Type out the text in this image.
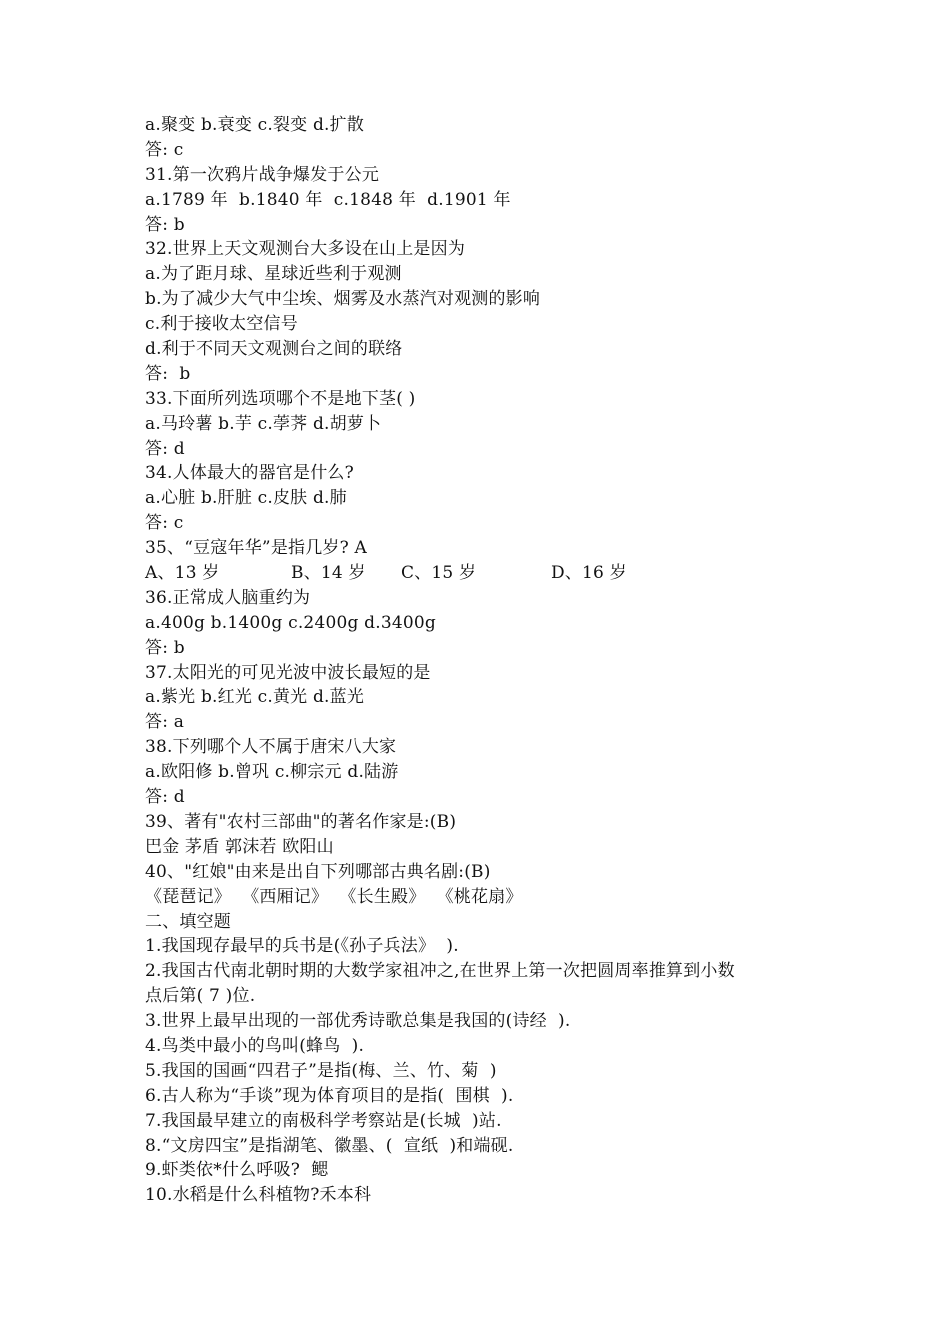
a.聚变 b.衰变 c.裂变 d.扩散
答: c
31.第一次鸦片战争爆发于公元
a.1789 年  b.1840 年  c.1848 年  d.1901 年
答: b
32.世界上天文观测台大多设在山上是因为
a.为了距月球、星球近些利于观测
b.为了减少大气中尘埃、烟雾及水蒸汽对观测的影响
c.利于接收太空信号
d.利于不同天文观测台之间的联络
答:  b
33.下面所列选项哪个不是地下茎( )
a.马玲薯 b.芋 c.荸荠 d.胡萝卜
答: d
34.人体最大的器官是什么?
a.心脏 b.肝脏 c.皮肤 d.肺
答: c
35、“豆寇年华”是指几岁? A
A、13 岁	B、14 岁	C、15 岁	D、16 岁
36.正常成人脑重约为
a.400g b.1400g c.2400g d.3400g
答: b
37.太阳光的可见光波中波长最短的是
a.紫光 b.红光 c.黄光 d.蓝光
答: a
38.下列哪个人不属于唐宋八大家
a.欧阳修 b.曾巩 c.柳宗元 d.陆游
答: d
39、著有"农村三部曲"的著名作家是:(B)
巴金 茅盾 郭沫若 欧阳山
40、"红娘"由来是出自下列哪部古典名剧:(B)
《琵琶记》  《西厢记》  《长生殿》  《桃花扇》
二、填空题
1.我国现存最早的兵书是(《孙子兵法》  ).
2.我国古代南北朝时期的大数学家祖冲之,在世界上第一次把圆周率推算到小数
点后第( 7 )位.
3.世界上最早出现的一部优秀诗歌总集是我国的(诗经  ).
4.鸟类中最小的鸟叫(蜂鸟  ).
5.我国的国画“四君子”是指(梅、兰、竹、菊  )
6.古人称为“手谈”现为体育项目的是指(  围棋  ).
7.我国最早建立的南极科学考察站是(长城  )站.
8.“文房四宝”是指湖笔、徽墨、(  宣纸  )和端砚.
9.虾类依*什么呼吸?  鳃
10.水稻是什么科植物?禾本科
